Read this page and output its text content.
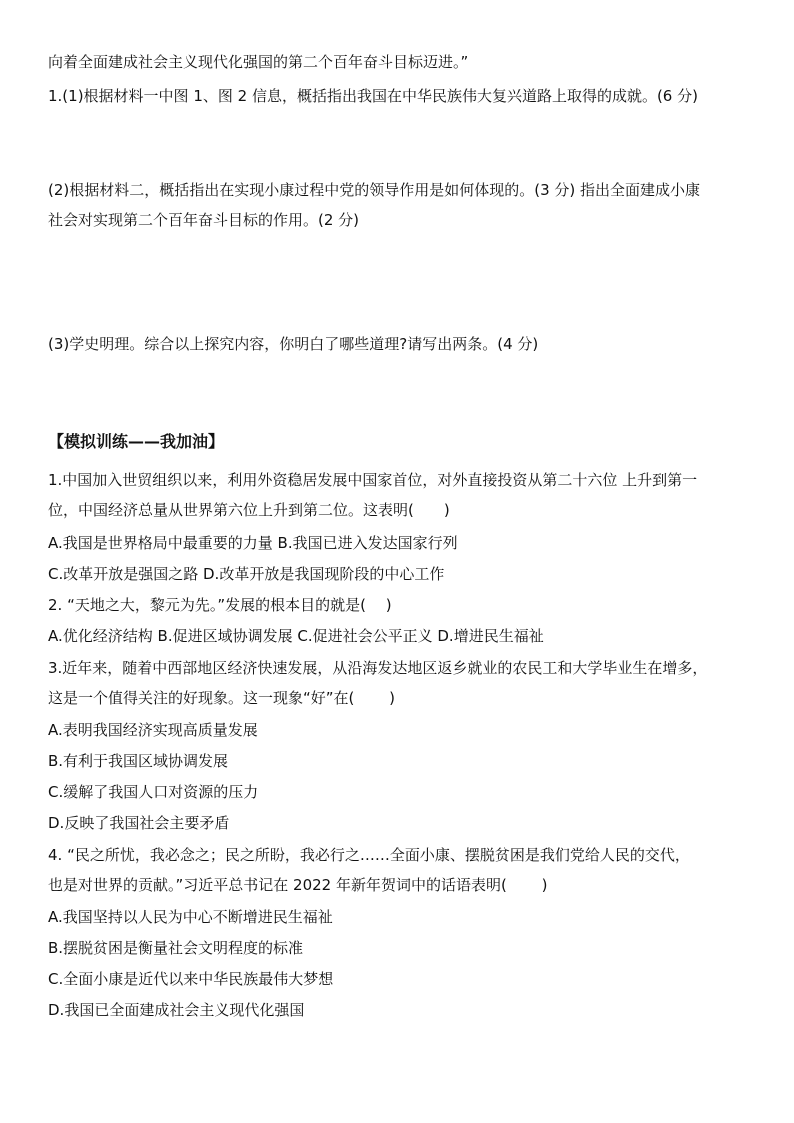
向着全面建成社会主义现代化强国的第二个百年奋斗目标迈进。”
1.(1)根据材料一中图 1、图 2 信息，概括指出我国在中华民族伟大复兴道路上取得的成就。(6 分)
(2)根据材料二，概括指出在实现小康过程中党的领导作用是如何体现的。(3 分) 指出全面建成小康
社会对实现第二个百年奋斗目标的作用。(2 分)
(3)学史明理。综合以上探究内容，你明白了哪些道理?请写出两条。(4 分)
【模拟训练——我加油】
1.中国加入世贸组织以来，利用外资稳居发展中国家首位，对外直接投资从第二十六位 上升到第一
位，中国经济总量从世界第六位上升到第二位。这表明(　　)
A.我国是世界格局中最重要的力量 B.我国已进入发达国家行列
C.改革开放是强国之路 D.改革开放是我国现阶段的中心工作
2. “天地之大，黎元为先。”发展的根本目的就是(　 )
A.优化经济结构 B.促进区域协调发展 C.促进社会公平正义 D.增进民生福祉
3.近年来，随着中西部地区经济快速发展，从沿海发达地区返乡就业的农民工和大学毕业生在增多，
这是一个值得关注的好现象。这一现象“好”在(　　 )
A.表明我国经济实现高质量发展
B.有利于我国区域协调发展
C.缓解了我国人口对资源的压力
D.反映了我国社会主要矛盾
4. “民之所忧，我必念之；民之所盼，我必行之……全面小康、摆脱贫困是我们党给人民的交代，
也是对世界的贡献。”习近平总书记在 2022 年新年贺词中的话语表明(　　 )
A.我国坚持以人民为中心不断增进民生福祉
B.摆脱贫困是衡量社会文明程度的标准
C.全面小康是近代以来中华民族最伟大梦想
D.我国已全面建成社会主义现代化强国
